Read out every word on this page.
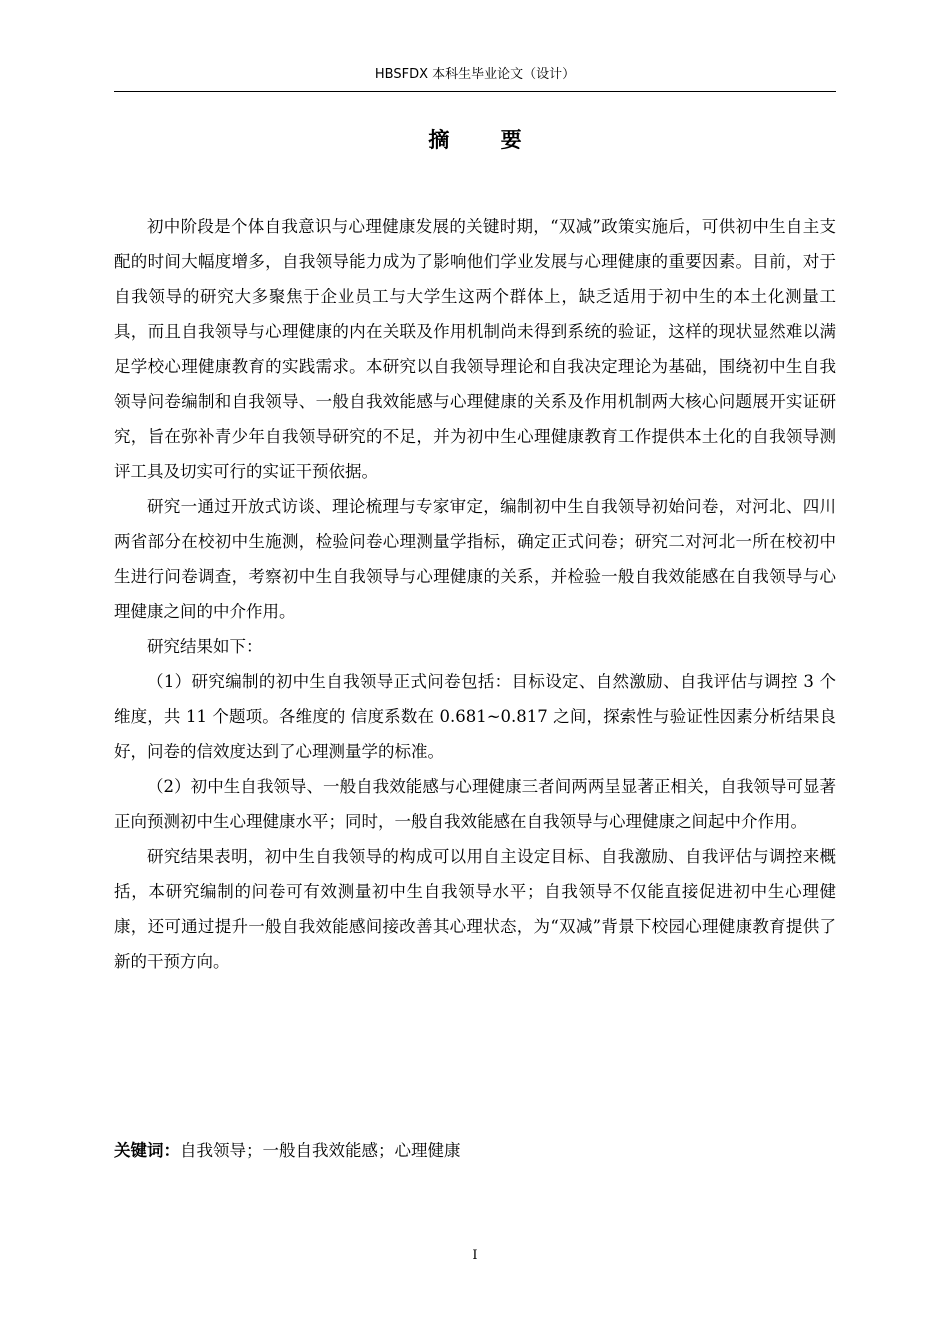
HBSFDX 本科生毕业论文（设计）
摘 要

初中阶段是个体自我意识与心理健康发展的关键时期，“双减”政策实施后，可供初中生自主支配的时间大幅度增多，自我领导能力成为了影响他们学业发展与心理健康的重要因素。目前，对于自我领导的研究大多聚焦于企业员工与大学生这两个群体上，缺乏适用于初中生的本土化测量工具，而且自我领导与心理健康的内在关联及作用机制尚未得到系统的验证，这样的现状显然难以满足学校心理健康教育的实践需求。本研究以自我领导理论和自我决定理论为基础，围绕初中生自我领导问卷编制和自我领导、一般自我效能感与心理健康的关系及作用机制两大核心问题展开实证研究，旨在弥补青少年自我领导研究的不足，并为初中生心理健康教育工作提供本土化的自我领导测评工具及切实可行的实证干预依据。

研究一通过开放式访谈、理论梳理与专家审定，编制初中生自我领导初始问卷，对河北、四川两省部分在校初中生施测，检验问卷心理测量学指标，确定正式问卷；研究二对河北一所在校初中生进行问卷调查，考察初中生自我领导与心理健康的关系，并检验一般自我效能感在自我领导与心理健康之间的中介作用。

研究结果如下：

（1）研究编制的初中生自我领导正式问卷包括：目标设定、自然激励、自我评估与调控 3 个维度，共 11 个题项。各维度的 信度系数在 0.681~0.817 之间，探索性与验证性因素分析结果良好，问卷的信效度达到了心理测量学的标准。

（2）初中生自我领导、一般自我效能感与心理健康三者间两两呈显著正相关，自我领导可显著正向预测初中生心理健康水平；同时，一般自我效能感在自我领导与心理健康之间起中介作用。

研究结果表明，初中生自我领导的构成可以用自主设定目标、自我激励、自我评估与调控来概括，本研究编制的问卷可有效测量初中生自我领导水平；自我领导不仅能直接促进初中生心理健康，还可通过提升一般自我效能感间接改善其心理状态，为“双减”背景下校园心理健康教育提供了新的干预方向。

关键词：自我领导；一般自我效能感；心理健康
I
